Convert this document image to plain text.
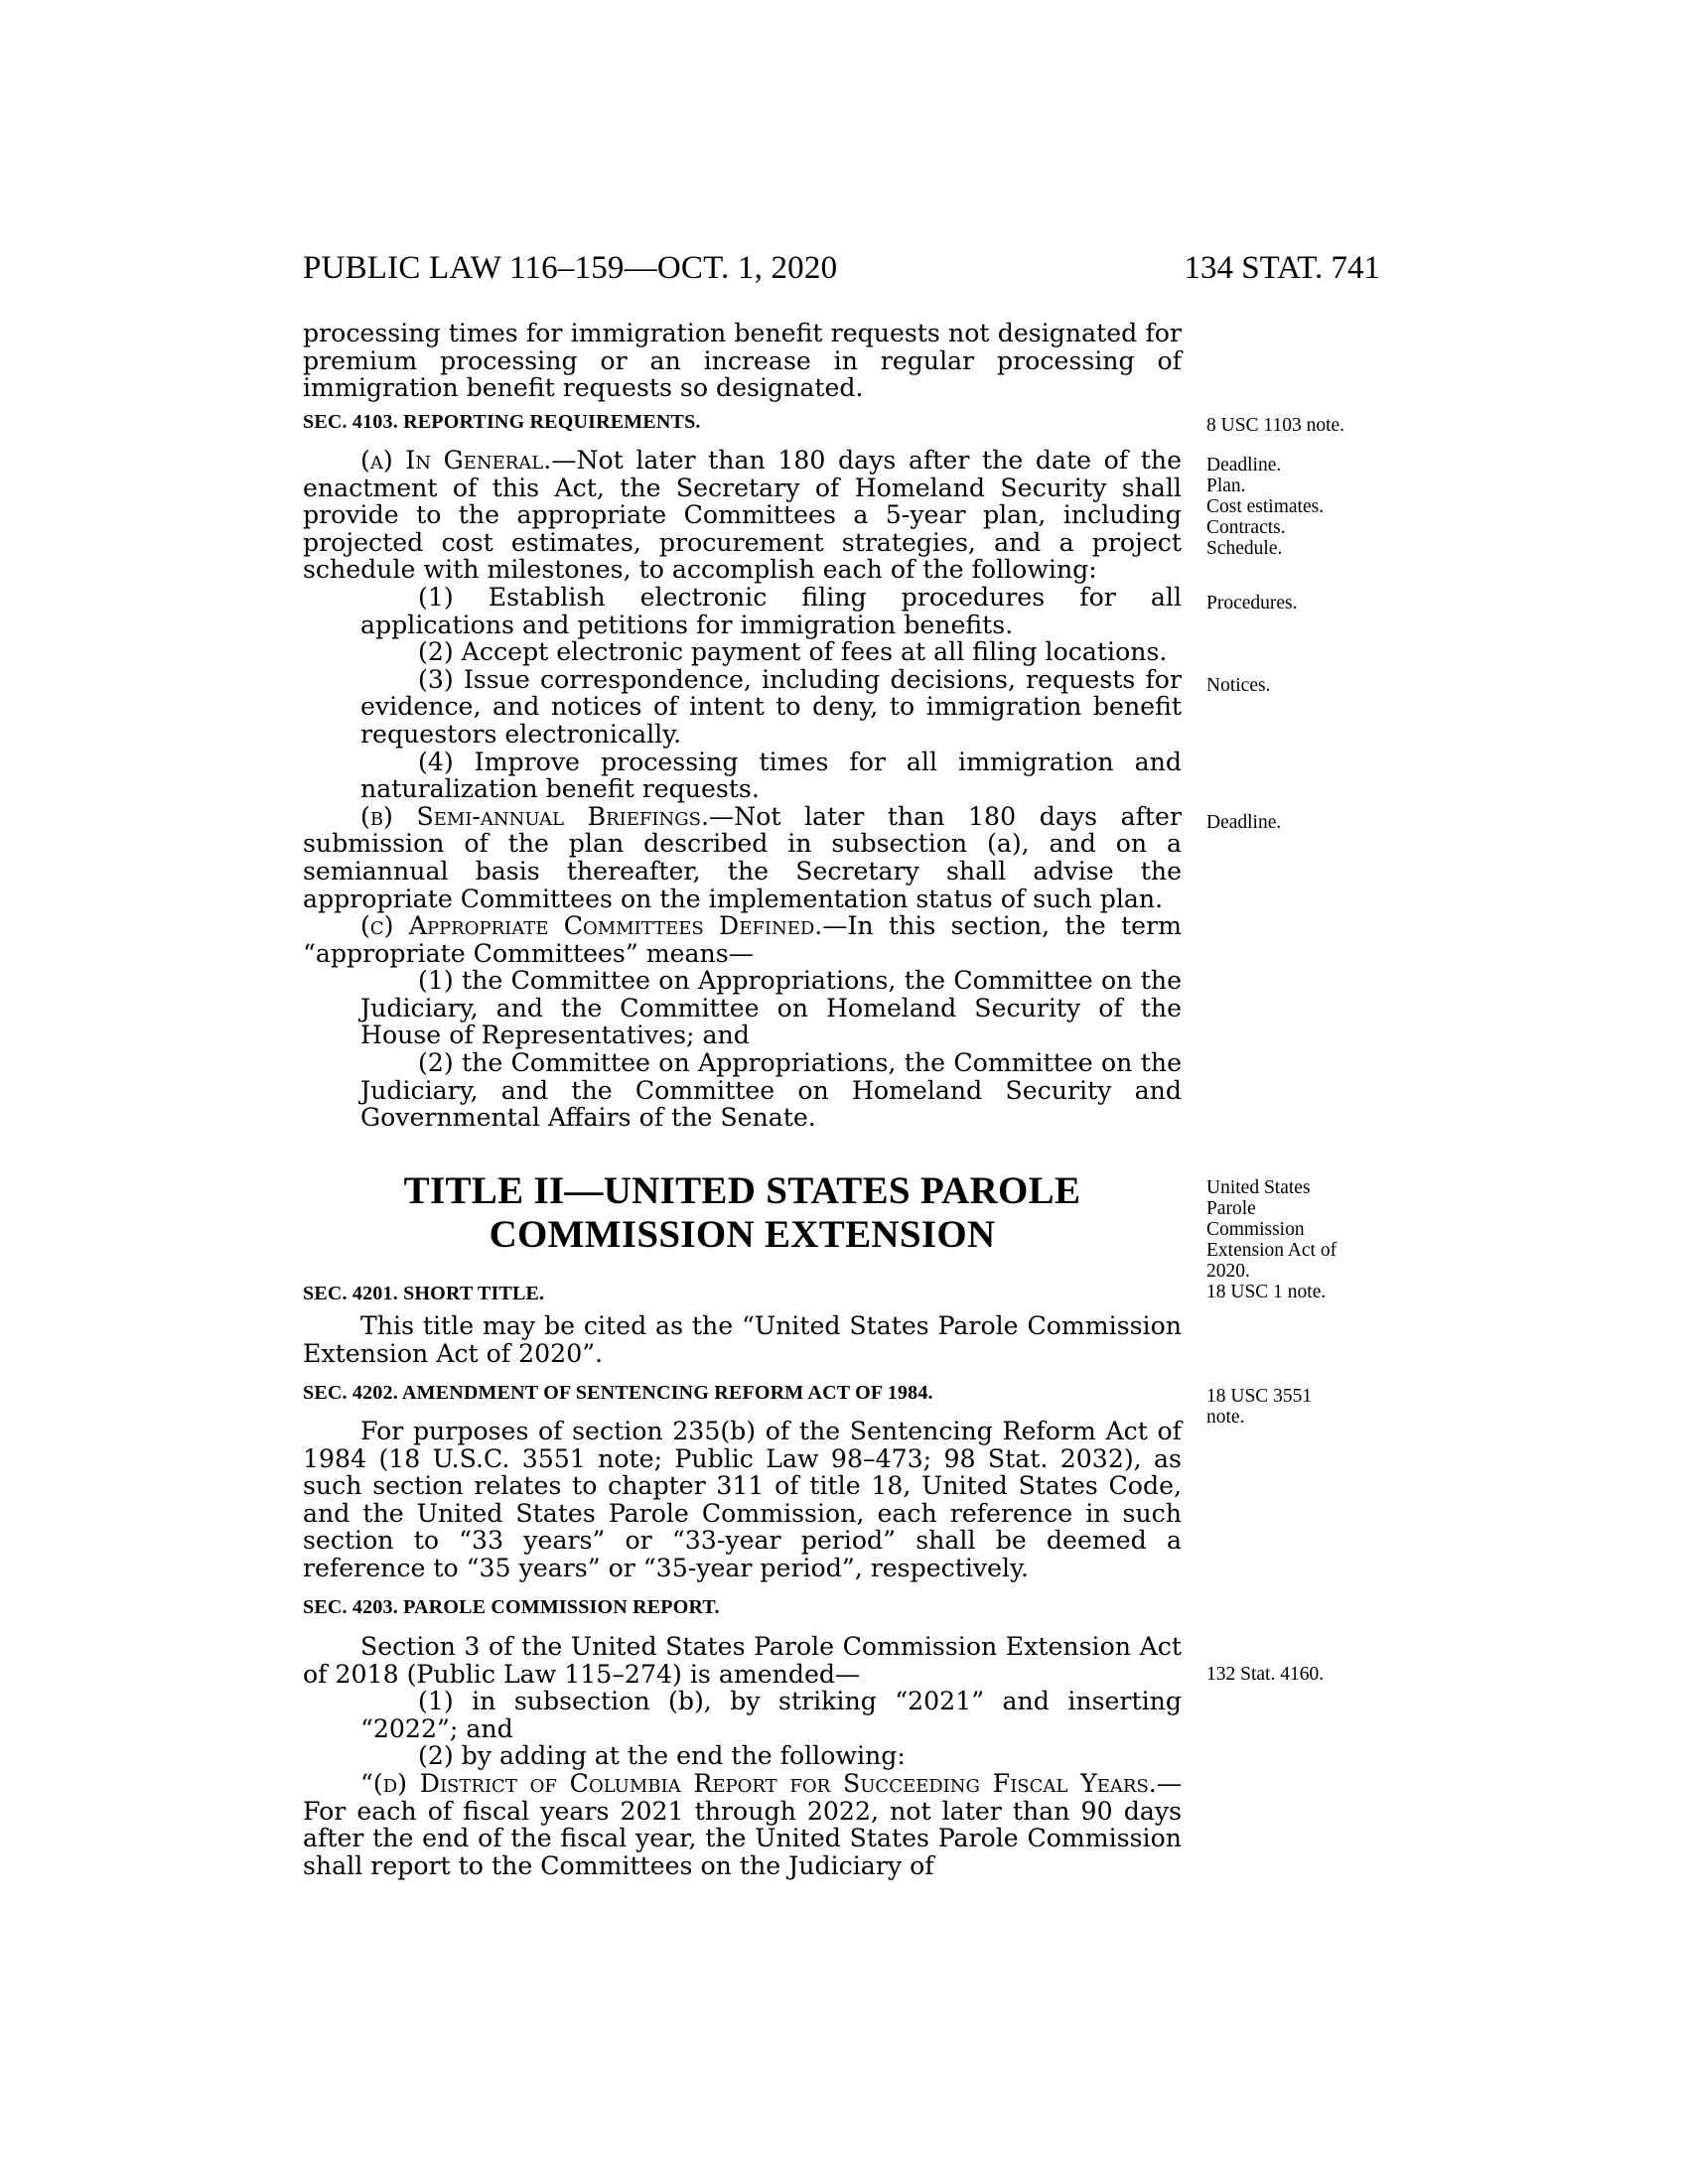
PUBLIC LAW 116–159—OCT. 1, 2020	134 STAT. 741

processing times for immigration benefit requests not designated for premium processing or an increase in regular processing of immigration benefit requests so designated.

SEC. 4103. REPORTING REQUIREMENTS.

(a) In General.—Not later than 180 days after the date of the enactment of this Act, the Secretary of Homeland Security shall provide to the appropriate Committees a 5-year plan, including projected cost estimates, procurement strategies, and a project schedule with milestones, to accomplish each of the following:

(1) Establish electronic filing procedures for all applications and petitions for immigration benefits.

(2) Accept electronic payment of fees at all filing locations.

(3) Issue correspondence, including decisions, requests for evidence, and notices of intent to deny, to immigration benefit requestors electronically.

(4) Improve processing times for all immigration and naturalization benefit requests.

(b) Semi-annual Briefings.—Not later than 180 days after submission of the plan described in subsection (a), and on a semiannual basis thereafter, the Secretary shall advise the appropriate Committees on the implementation status of such plan.

(c) Appropriate Committees Defined.—In this section, the term “appropriate Committees” means—

(1) the Committee on Appropriations, the Committee on the Judiciary, and the Committee on Homeland Security of the House of Representatives; and

(2) the Committee on Appropriations, the Committee on the Judiciary, and the Committee on Homeland Security and Governmental Affairs of the Senate.

TITLE II—UNITED STATES PAROLE
COMMISSION EXTENSION

SEC. 4201. SHORT TITLE.

This title may be cited as the “United States Parole Commission Extension Act of 2020”.

SEC. 4202. AMENDMENT OF SENTENCING REFORM ACT OF 1984.

For purposes of section 235(b) of the Sentencing Reform Act of 1984 (18 U.S.C. 3551 note; Public Law 98–473; 98 Stat. 2032), as such section relates to chapter 311 of title 18, United States Code, and the United States Parole Commission, each reference in such section to “33 years” or “33-year period” shall be deemed a reference to “35 years” or “35-year period”, respectively.

SEC. 4203. PAROLE COMMISSION REPORT.

Section 3 of the United States Parole Commission Extension Act of 2018 (Public Law 115–274) is amended—

(1) in subsection (b), by striking “2021” and inserting “2022”; and

(2) by adding at the end the following:

“(d) District of Columbia Report for Succeeding Fiscal Years.—For each of fiscal years 2021 through 2022, not later than 90 days after the end of the fiscal year, the United States Parole Commission shall report to the Committees on the Judiciary of

8 USC 1103 note.
Deadline.
Plan.
Cost estimates.
Contracts.
Schedule.
Procedures.
Notices.
Deadline.
United States
Parole
Commission
Extension Act of
2020.
18 USC 1 note.
18 USC 3551
note.
132 Stat. 4160.
